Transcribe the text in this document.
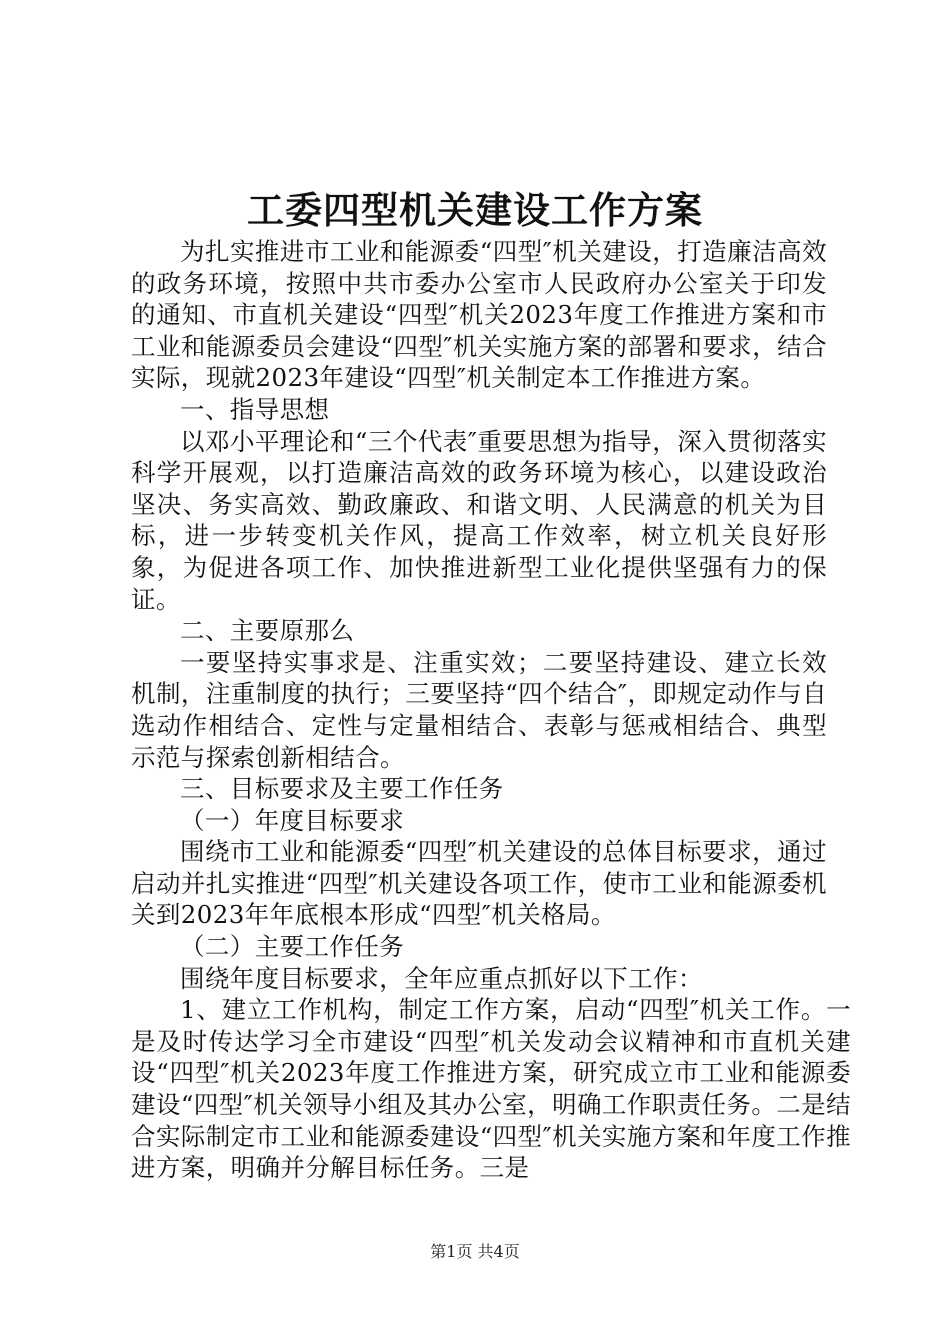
工委四型机关建设工作方案

为扎实推进市工业和能源委“四型″机关建设，打造廉洁高效的政务环境，按照中共市委办公室市人民政府办公室关于印发的通知、市直机关建设“四型″机关2023年度工作推进方案和市工业和能源委员会建设“四型″机关实施方案的部署和要求，结合实际，现就2023年建设“四型″机关制定本工作推进方案。

一、指导思想

以邓小平理论和“三个代表″重要思想为指导，深入贯彻落实科学开展观，以打造廉洁高效的政务环境为核心，以建设政治坚决、务实高效、勤政廉政、和谐文明、人民满意的机关为目标，进一步转变机关作风，提高工作效率，树立机关良好形象，为促进各项工作、加快推进新型工业化提供坚强有力的保证。

二、主要原那么

一要坚持实事求是、注重实效；二要坚持建设、建立长效机制，注重制度的执行；三要坚持“四个结合″，即规定动作与自选动作相结合、定性与定量相结合、表彰与惩戒相结合、典型示范与探索创新相结合。

三、目标要求及主要工作任务

（一）年度目标要求

围绕市工业和能源委“四型″机关建设的总体目标要求，通过启动并扎实推进“四型″机关建设各项工作，使市工业和能源委机关到2023年年底根本形成“四型″机关格局。

（二）主要工作任务

围绕年度目标要求，全年应重点抓好以下工作：

1、建立工作机构，制定工作方案，启动“四型″机关工作。一是及时传达学习全市建设“四型″机关发动会议精神和市直机关建设“四型″机关2023年度工作推进方案，研究成立市工业和能源委建设“四型″机关领导小组及其办公室，明确工作职责任务。二是结合实际制定市工业和能源委建设“四型″机关实施方案和年度工作推进方案，明确并分解目标任务。三是

第1页 共4页
